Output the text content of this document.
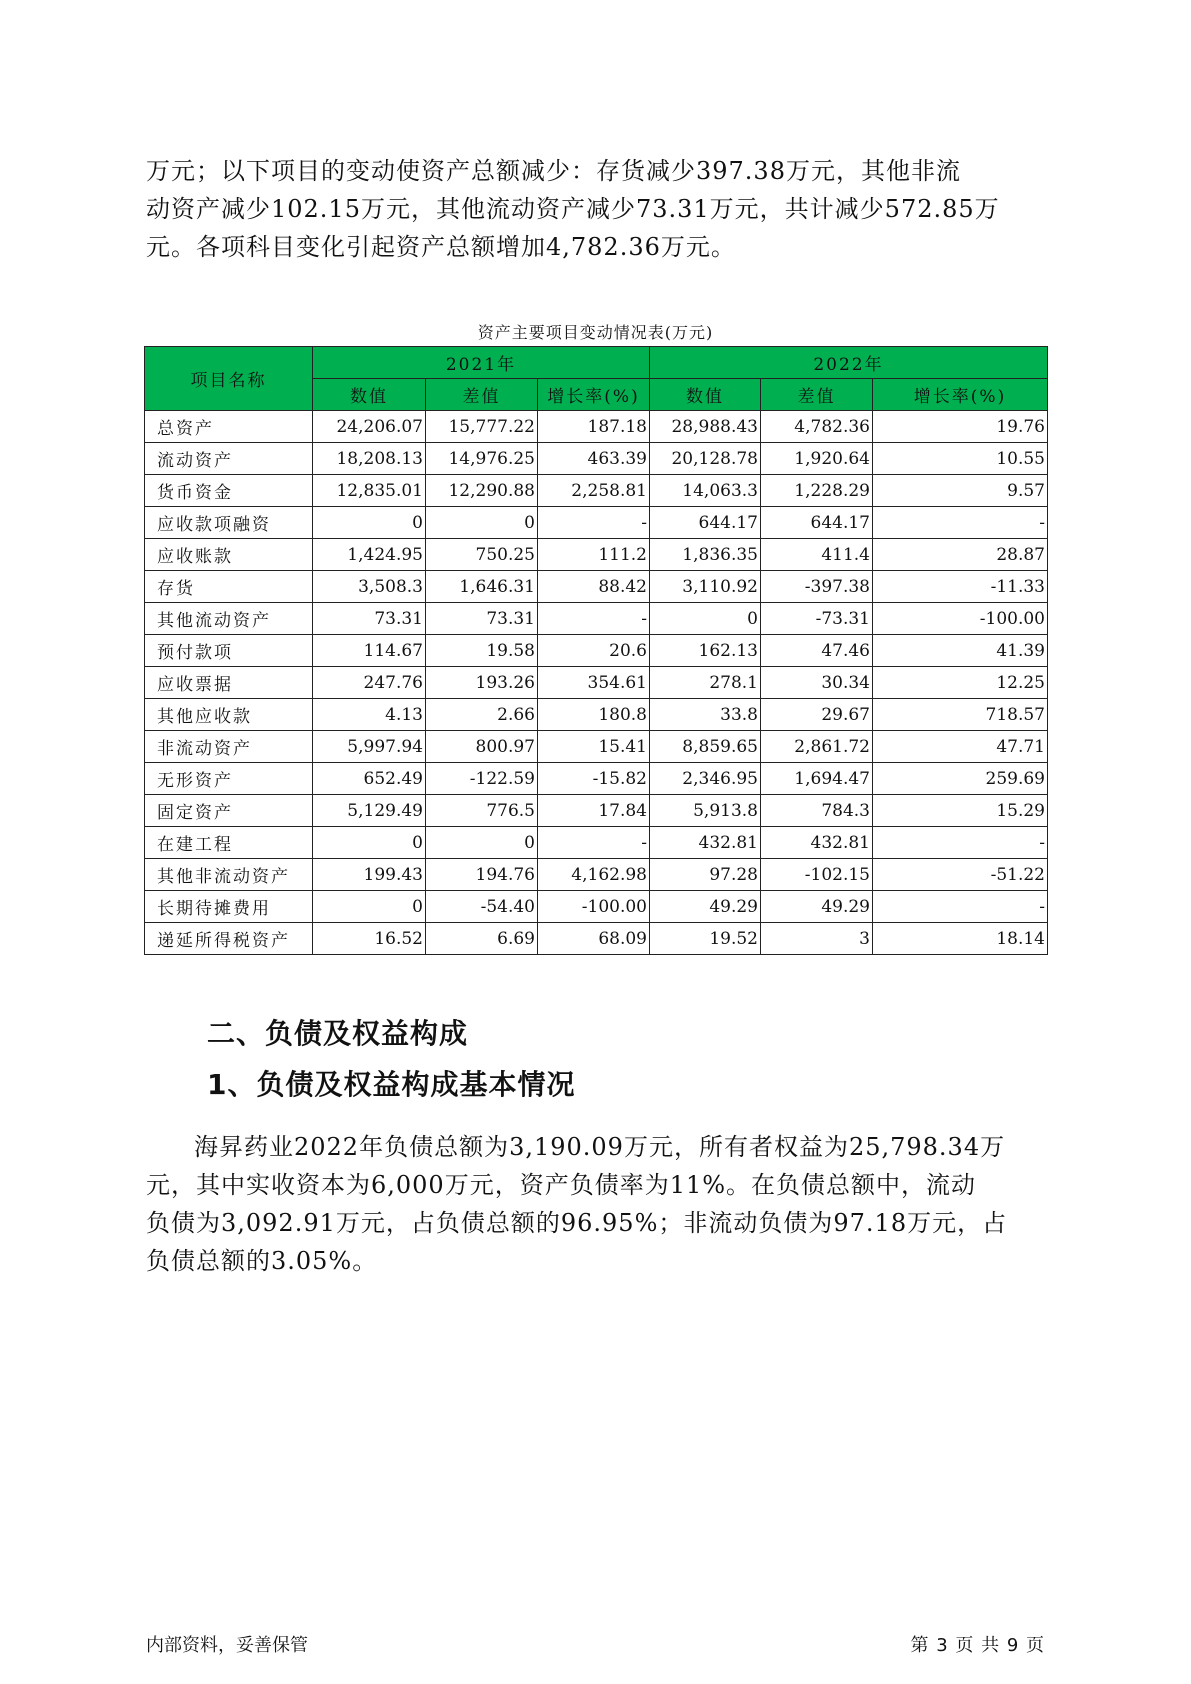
万元；以下项目的变动使资产总额减少：存货减少397.38万元，其他非流
动资产减少102.15万元，其他流动资产减少73.31万元，共计减少572.85万
元。各项科目变化引起资产总额增加4,782.36万元。

资产主要项目变动情况表(万元)
项目名称	2021年			2022年		
	数值	差值	增长率(%)	数值	差值	增长率(%)
总资产	24,206.07	15,777.22	187.18	28,988.43	4,782.36	19.76
流动资产	18,208.13	14,976.25	463.39	20,128.78	1,920.64	10.55
货币资金	12,835.01	12,290.88	2,258.81	14,063.3	1,228.29	9.57
应收款项融资	0	0	-	644.17	644.17	-
应收账款	1,424.95	750.25	111.2	1,836.35	411.4	28.87
存货	3,508.3	1,646.31	88.42	3,110.92	-397.38	-11.33
其他流动资产	73.31	73.31	-	0	-73.31	-100.00
预付款项	114.67	19.58	20.6	162.13	47.46	41.39
应收票据	247.76	193.26	354.61	278.1	30.34	12.25
其他应收款	4.13	2.66	180.8	33.8	29.67	718.57
非流动资产	5,997.94	800.97	15.41	8,859.65	2,861.72	47.71
无形资产	652.49	-122.59	-15.82	2,346.95	1,694.47	259.69
固定资产	5,129.49	776.5	17.84	5,913.8	784.3	15.29
在建工程	0	0	-	432.81	432.81	-
其他非流动资产	199.43	194.76	4,162.98	97.28	-102.15	-51.22
长期待摊费用	0	-54.40	-100.00	49.29	49.29	-
递延所得税资产	16.52	6.69	68.09	19.52	3	18.14
二、负债及权益构成
1、负债及权益构成基本情况

海昇药业2022年负债总额为3,190.09万元，所有者权益为25,798.34万
元，其中实收资本为6,000万元，资产负债率为11%。在负债总额中，流动
负债为3,092.91万元，占负债总额的96.95%；非流动负债为97.18万元，占
负债总额的3.05%。

内部资料，妥善保管	第 3 页 共 9 页
